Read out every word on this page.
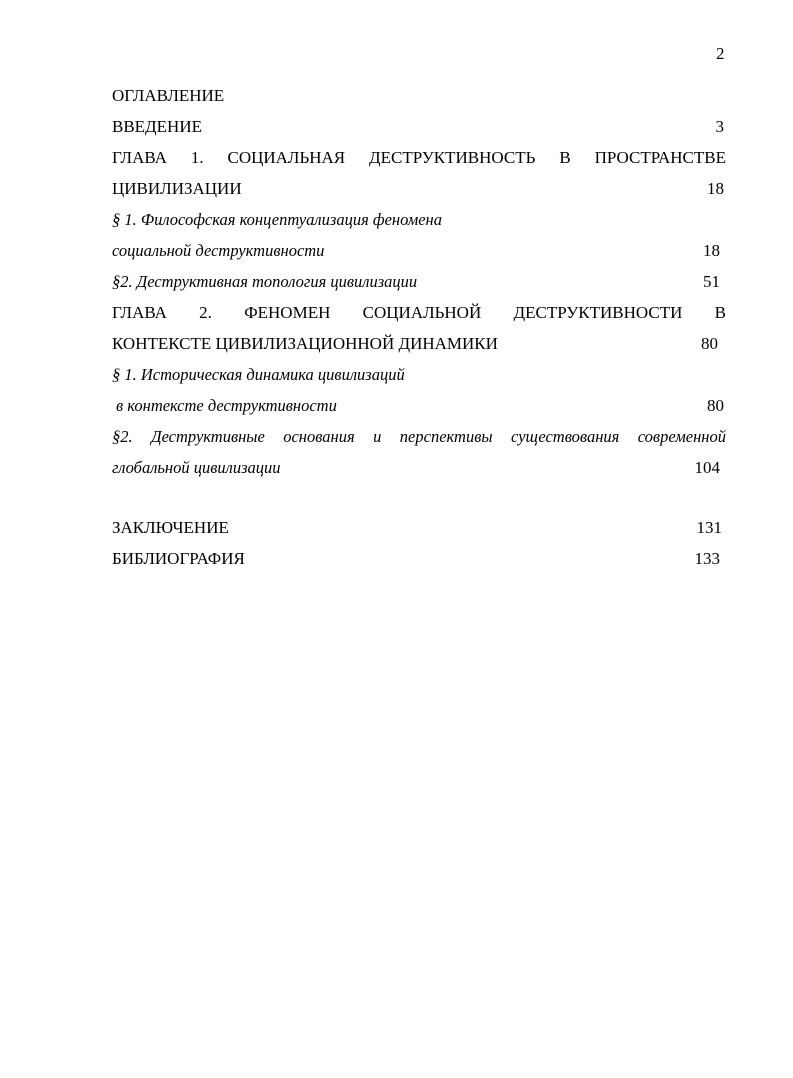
2
ОГЛАВЛЕНИЕ
ВВЕДЕНИЕ	3
ГЛАВА 1. СОЦИАЛЬНАЯ ДЕСТРУКТИВНОСТЬ В ПРОСТРАНСТВЕ
ЦИВИЛИЗАЦИИ	18
§ 1. Философская концептуализация феномена
социальной деструктивности	18
§2. Деструктивная топология цивилизации	51
ГЛАВА 2. ФЕНОМЕН СОЦИАЛЬНОЙ ДЕСТРУКТИВНОСТИ В
КОНТЕКСТЕ ЦИВИЛИЗАЦИОННОЙ ДИНАМИКИ	80
§ 1. Историческая динамика цивилизаций
в контексте деструктивности	80
§2. Деструктивные основания и перспективы существования современной
глобальной цивилизации	104
ЗАКЛЮЧЕНИЕ	131
БИБЛИОГРАФИЯ	133
